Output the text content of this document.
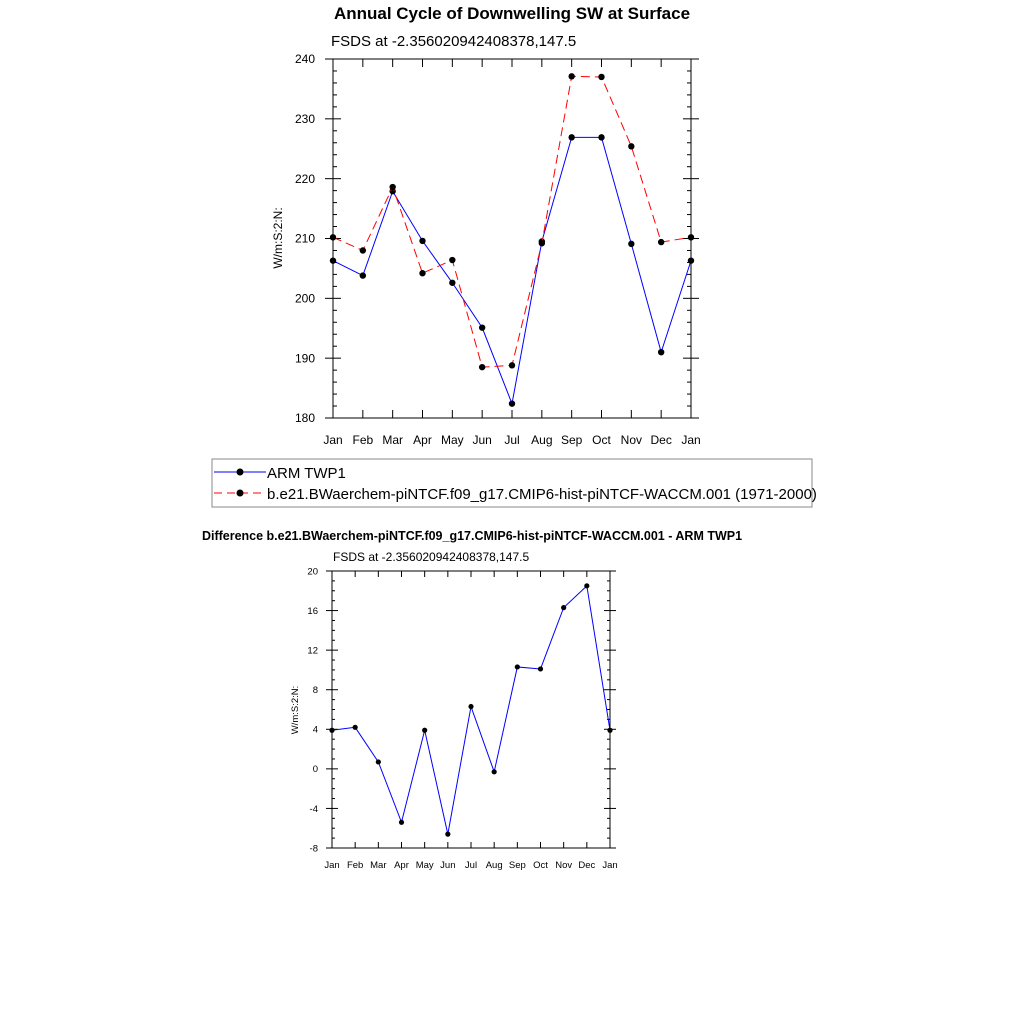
Annual Cycle of Downwelling SW at Surface
FSDS at -2.356020942408378,147.5
Jan Feb Mar Apr May Jun Jul Aug Sep Oct Nov Dec Jan
180
190
200
210
220
230
240
W/m:S:2:N:
ARM TWP1
b.e21.BWaerchem-piNTCF.f09_g17.CMIP6-hist-piNTCF-WACCM.001 (1971-2000)
Difference b.e21.BWaerchem-piNTCF.f09_g17.CMIP6-hist-piNTCF-WACCM.001 - ARM TWP1
FSDS at -2.356020942408378,147.5
Jan Feb Mar Apr May Jun Jul Aug Sep Oct Nov Dec Jan
-8
-4
0
4
8
12
16
20
W/m:S:2:N:
